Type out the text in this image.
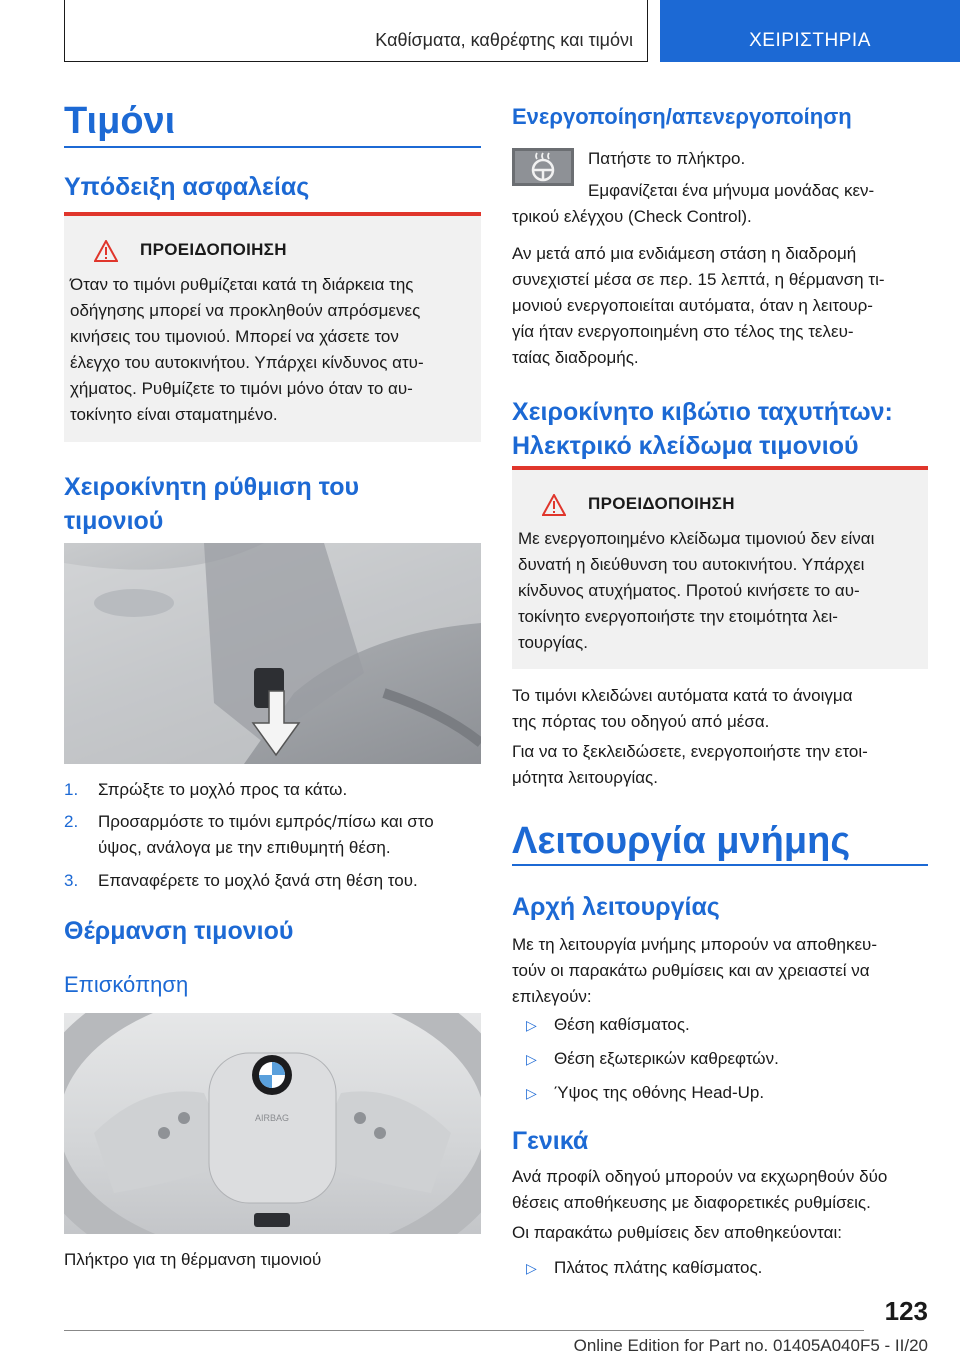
Καθίσματα, καθρέφτης και τιμόνι	ΧΕΙΡΙΣΤΗΡΙΑ
Τιμόνι
Υπόδειξη ασφαλείας
ΠΡΟΕΙΔΟΠΟΙΗΣΗ
Όταν το τιμόνι ρυθμίζεται κατά τη διάρκεια της
οδήγησης μπορεί να προκληθούν απρόσμενες
κινήσεις του τιμονιού. Μπορεί να χάσετε τον
έλεγχο του αυτοκινήτου. Υπάρχει κίνδυνος ατυ-
χήματος. Ρυθμίζετε το τιμόνι μόνο όταν το αυ-
τοκίνητο είναι σταματημένο.
Χειροκίνητη ρύθμιση του
τιμονιού
1. Σπρώξτε το μοχλό προς τα κάτω.
2. Προσαρμόστε το τιμόνι εμπρός/πίσω και στο
ύψος, ανάλογα με την επιθυμητή θέση.
3. Επαναφέρετε το μοχλό ξανά στη θέση του.
Θέρμανση τιμονιού
Επισκόπηση
AIRBAG
Πλήκτρο για τη θέρμανση τιμονιού
Ενεργοποίηση/απενεργοποίηση
Πατήστε το πλήκτρο.
Εμφανίζεται ένα μήνυμα μονάδας κεν-
τρικού ελέγχου (Check Control).
Αν μετά από μια ενδιάμεση στάση η διαδρομή
συνεχιστεί μέσα σε περ. 15 λεπτά, η θέρμανση τι-
μονιού ενεργοποιείται αυτόματα, όταν η λειτουρ-
γία ήταν ενεργοποιημένη στο τέλος της τελευ-
ταίας διαδρομής.
Χειροκίνητο κιβώτιο ταχυτήτων:
Ηλεκτρικό κλείδωμα τιμονιού
ΠΡΟΕΙΔΟΠΟΙΗΣΗ
Με ενεργοποιημένο κλείδωμα τιμονιού δεν είναι
δυνατή η διεύθυνση του αυτοκινήτου. Υπάρχει
κίνδυνος ατυχήματος. Προτού κινήσετε το αυ-
τοκίνητο ενεργοποιήστε την ετοιμότητα λει-
τουργίας.
Το τιμόνι κλειδώνει αυτόματα κατά το άνοιγμα
της πόρτας του οδηγού από μέσα.
Για να το ξεκλειδώσετε, ενεργοποιήστε την ετοι-
μότητα λειτουργίας.
Λειτουργία μνήμης
Αρχή λειτουργίας
Με τη λειτουργία μνήμης μπορούν να αποθηκευ-
τούν οι παρακάτω ρυθμίσεις και αν χρειαστεί να
επιλεγούν:
▷ Θέση καθίσματος.
▷ Θέση εξωτερικών καθρεφτών.
▷ Ύψος της οθόνης Head-Up.
Γενικά
Ανά προφίλ οδηγού μπορούν να εκχωρηθούν δύο
θέσεις αποθήκευσης με διαφορετικές ρυθμίσεις.
Οι παρακάτω ρυθμίσεις δεν αποθηκεύονται:
▷ Πλάτος πλάτης καθίσματος.
123
Online Edition for Part no. 01405A040F5 - II/20
